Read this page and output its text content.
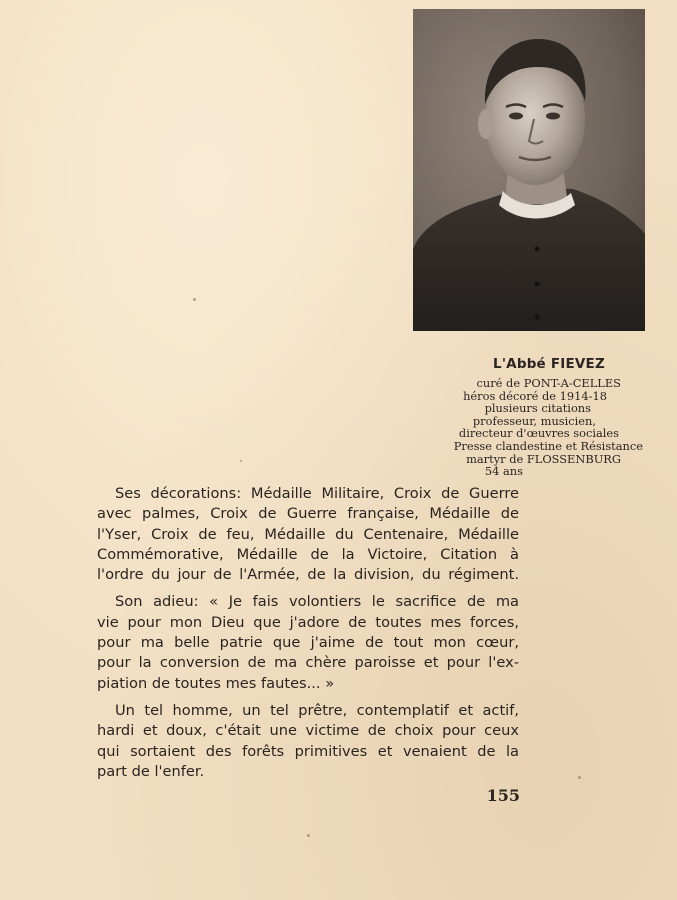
L'Abbé FIEVEZ
curé de PONT-A-CELLES
héros décoré de 1914-18
plusieurs citations
professeur, musicien,
directeur d'œuvres sociales
Presse clandestine et Résistance
martyr de FLOSSENBURG
54 ans
Ses décorations: Médaille Militaire, Croix de Guerre
avec palmes, Croix de Guerre française, Médaille de
l'Yser, Croix de feu, Médaille du Centenaire, Médaille
Commémorative, Médaille de la Victoire, Citation à
l'ordre du jour de l'Armée, de la division, du régiment.
Son adieu: « Je fais volontiers le sacrifice de ma
vie pour mon Dieu que j'adore de toutes mes forces,
pour ma belle patrie que j'aime de tout mon cœur,
pour la conversion de ma chère paroisse et pour l'ex-
piation de toutes mes fautes... »
Un tel homme, un tel prêtre, contemplatif et actif,
hardi et doux, c'était une victime de choix pour ceux
qui sortaient des forêts primitives et venaient de la
part de l'enfer.
155
